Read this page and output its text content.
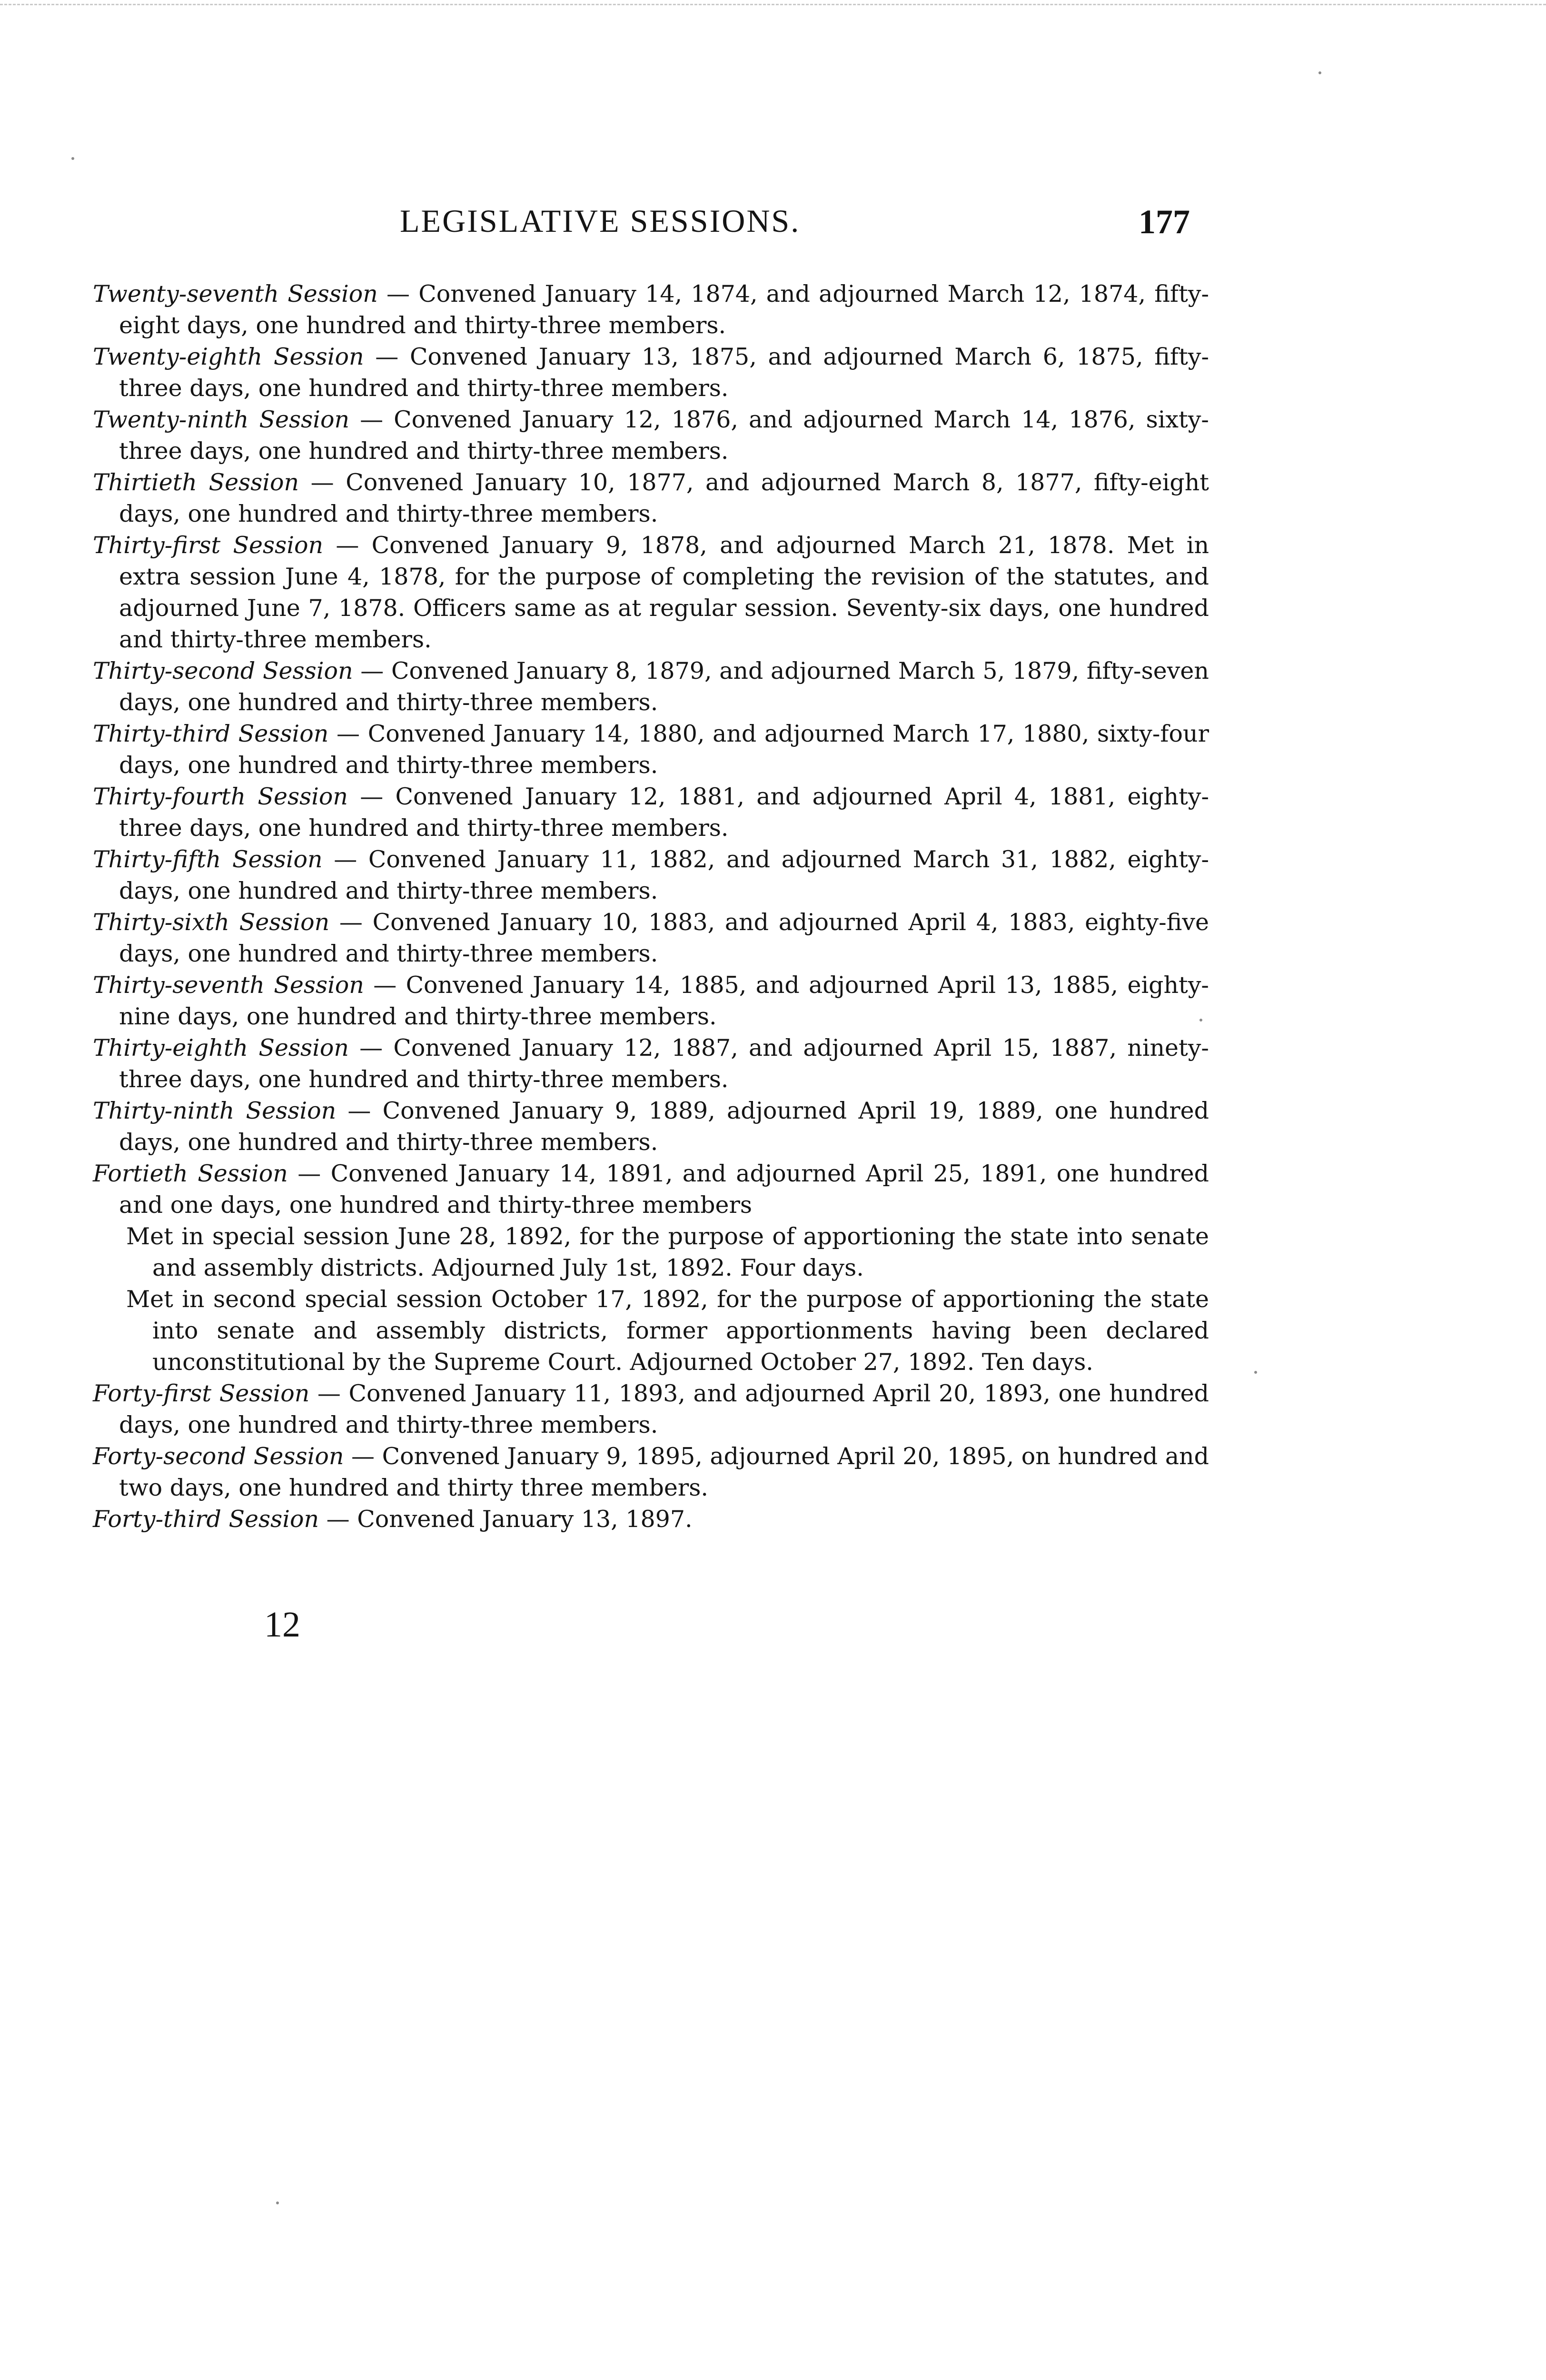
LEGISLATIVE SESSIONS.	177

Twenty-seventh Session — Convened January 14, 1874, and adjourned March 12, 1874, fifty-eight days, one hundred and thirty-three members.

Twenty-eighth Session — Convened January 13, 1875, and adjourned March 6, 1875, fifty-three days, one hundred and thirty-three members.

Twenty-ninth Session — Convened January 12, 1876, and adjourned March 14, 1876, sixty-three days, one hundred and thirty-three members.

Thirtieth Session — Convened January 10, 1877, and adjourned March 8, 1877, fifty-eight days, one hundred and thirty-three members.

Thirty-first Session — Convened January 9, 1878, and adjourned March 21, 1878. Met in extra session June 4, 1878, for the purpose of completing the revision of the statutes, and adjourned June 7, 1878. Officers same as at regular session. Seventy-six days, one hundred and thirty-three members.

Thirty-second Session — Convened January 8, 1879, and adjourned March 5, 1879, fifty-seven days, one hundred and thirty-three members.

Thirty-third Session — Convened January 14, 1880, and adjourned March 17, 1880, sixty-four days, one hundred and thirty-three members.

Thirty-fourth Session — Convened January 12, 1881, and adjourned April 4, 1881, eighty-three days, one hundred and thirty-three members.

Thirty-fifth Session — Convened January 11, 1882, and adjourned March 31, 1882, eighty-days, one hundred and thirty-three members.

Thirty-sixth Session — Convened January 10, 1883, and adjourned April 4, 1883, eighty-five days, one hundred and thirty-three members.

Thirty-seventh Session — Convened January 14, 1885, and adjourned April 13, 1885, eighty-nine days, one hundred and thirty-three members.

Thirty-eighth Session — Convened January 12, 1887, and adjourned April 15, 1887, ninety-three days, one hundred and thirty-three members.

Thirty-ninth Session — Convened January 9, 1889, adjourned April 19, 1889, one hundred days, one hundred and thirty-three members.

Fortieth Session — Convened January 14, 1891, and adjourned April 25, 1891, one hundred and one days, one hundred and thirty-three members

Met in special session June 28, 1892, for the purpose of apportioning the state into senate and assembly districts. Adjourned July 1st, 1892. Four days.

Met in second special session October 17, 1892, for the purpose of apportioning the state into senate and assembly districts, former apportionments having been declared unconstitutional by the Supreme Court. Adjourned October 27, 1892. Ten days.

Forty-first Session — Convened January 11, 1893, and adjourned April 20, 1893, one hundred days, one hundred and thirty-three members.

Forty-second Session — Convened January 9, 1895, adjourned April 20, 1895, on hundred and two days, one hundred and thirty three members.

Forty-third Session — Convened January 13, 1897.

12
